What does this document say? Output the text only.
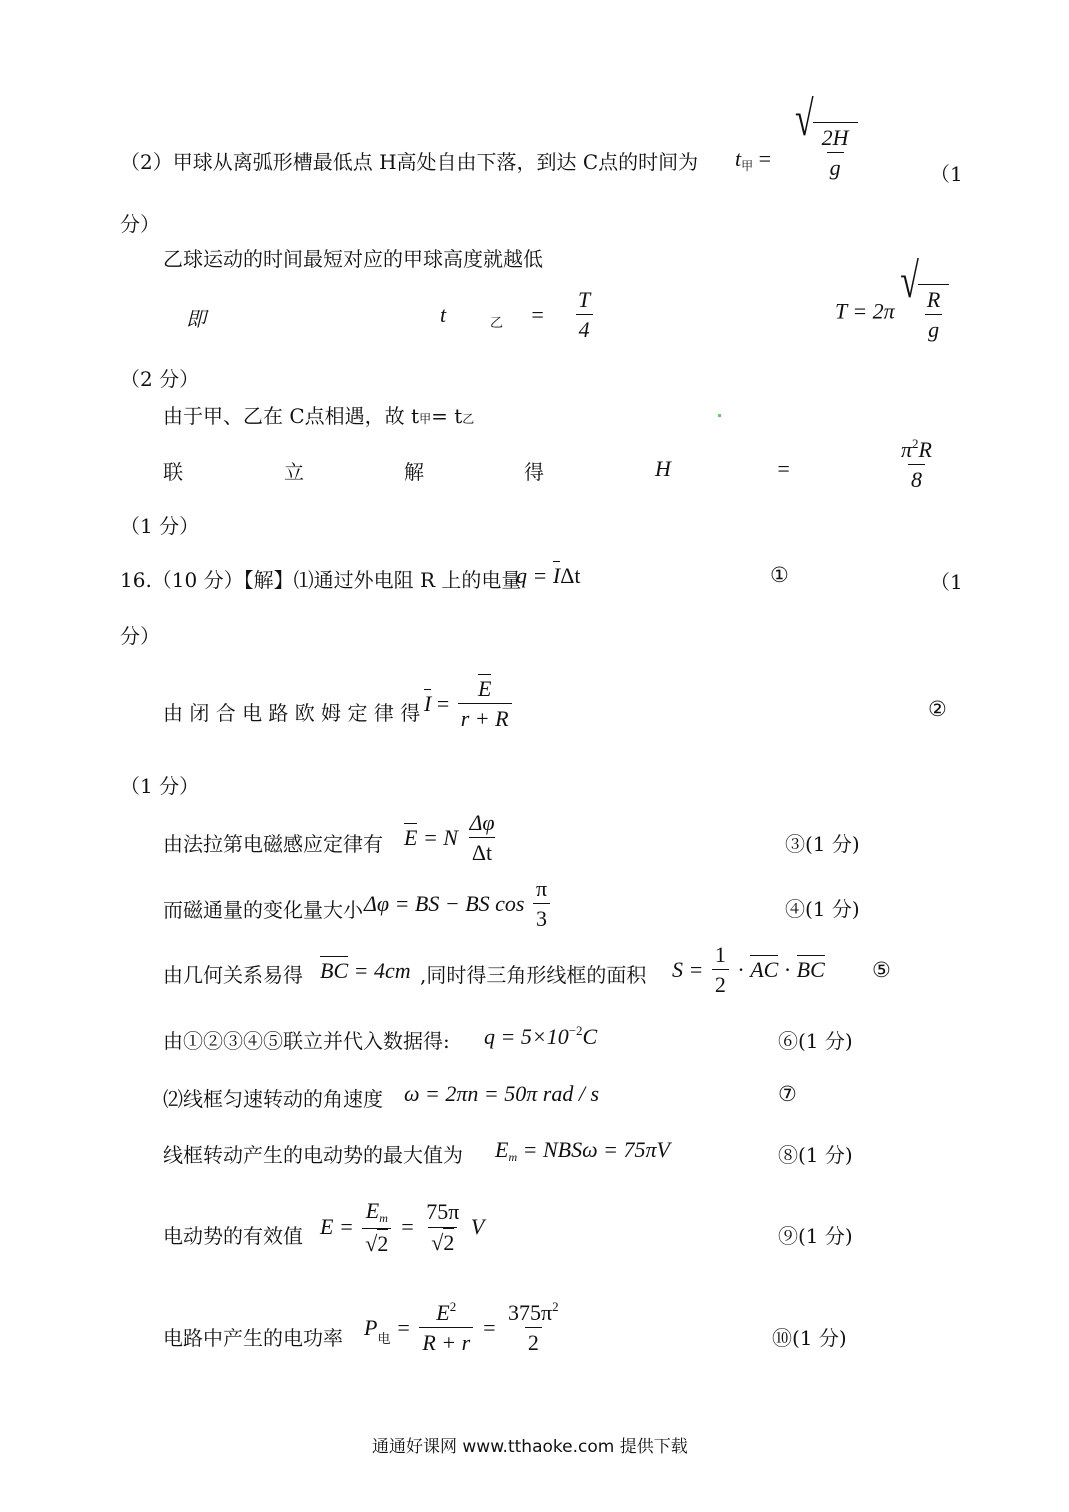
（2）甲球从离弧形槽最低点 H高处自由下落，到达 C点的时间为 $t_甲$ =
√
$\frac{2H}{g}$	（1
分）
乙球运动的时间最短对应的甲球高度就越低
即	t	乙 = $\frac{T}{4}$	T = 2π
√
$\frac{R}{g}$
（2 分）
由于甲、乙在 C点相遇，故 t甲= t乙
联	立	解	得	H	=	$\frac{\pi^2R}{8}$
（1 分）
16.（10 分）【解】⑴通过外电阻 R 上的电量
q = IΔt	①	（1
分）
由 闭 合 电 路 欧 姆 定 律 得 $I = \frac{E}{r + R}$	②
（1 分）
由法拉第电磁感应定律有 E = N $\frac{\Delta\varphi}{\Delta t}$	③(1 分)
而磁通量的变化量大小 Δφ = BS − BS $\cos \frac{\pi}{3}$	④(1 分)
由几何关系易得 BC = 4cm ,同时得三角形线框的面积 $S = \frac{1}{2}$ · AC · BC ⑤
由①②③④⑤联立并代入数据得: $q = 5\times 10^{-2}C$	⑥(1 分)
⑵线框匀速转动的角速度 ω = 2πn = 50π rad / s	⑦
线框转动产生的电动势的最大值为 $E_m = NBS\omega = 75\pi V$	⑧(1 分)
电动势的有效值 $E = \frac{E_m}{√2} = \frac{75\pi}{√2}$ V	⑨(1 分)
电路中产生的电功率 $P_电 = \frac{E^2}{R + r} = \frac{375\pi^2}{2}$	⑩(1 分)
通通好课网 www.tthaoke.com 提供下载
